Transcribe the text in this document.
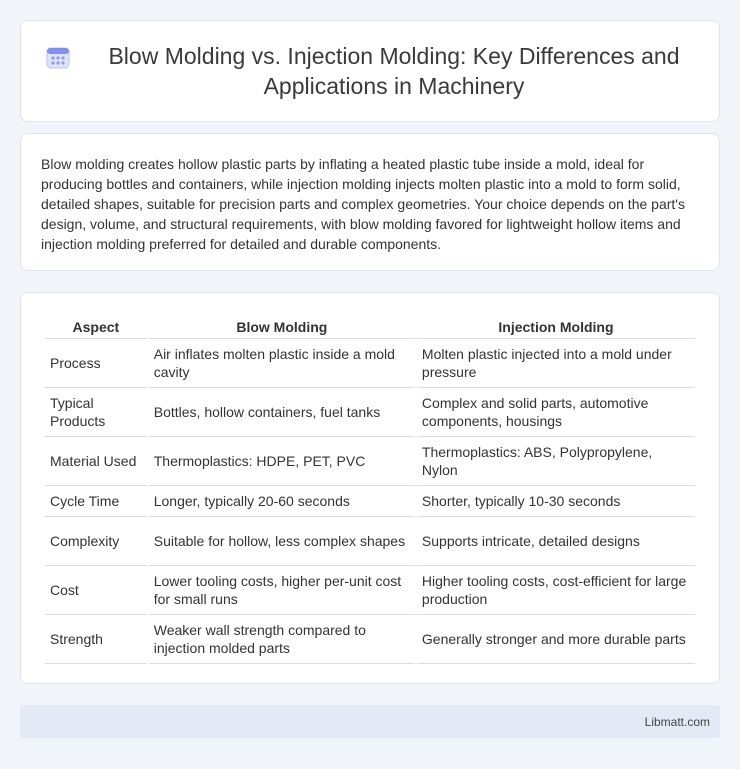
Blow Molding vs. Injection Molding: Key Differences and Applications in Machinery

Blow molding creates hollow plastic parts by inflating a heated plastic tube inside a mold, ideal for producing bottles and containers, while injection molding injects molten plastic into a mold to form solid, detailed shapes, suitable for precision parts and complex geometries. Your choice depends on the part's design, volume, and structural requirements, with blow molding favored for lightweight hollow items and injection molding preferred for detailed and durable components.

Aspect	Blow Molding	Injection Molding
Process	Air inflates molten plastic inside a mold cavity	Molten plastic injected into a mold under pressure
Typical Products	Bottles, hollow containers, fuel tanks	Complex and solid parts, automotive components, housings
Material Used	Thermoplastics: HDPE, PET, PVC	Thermoplastics: ABS, Polypropylene, Nylon
Cycle Time	Longer, typically 20-60 seconds	Shorter, typically 10-30 seconds
Complexity	Suitable for hollow, less complex shapes	Supports intricate, detailed designs
Cost	Lower tooling costs, higher per-unit cost for small runs	Higher tooling costs, cost-efficient for large production
Strength	Weaker wall strength compared to injection molded parts	Generally stronger and more durable parts
Libmatt.com
